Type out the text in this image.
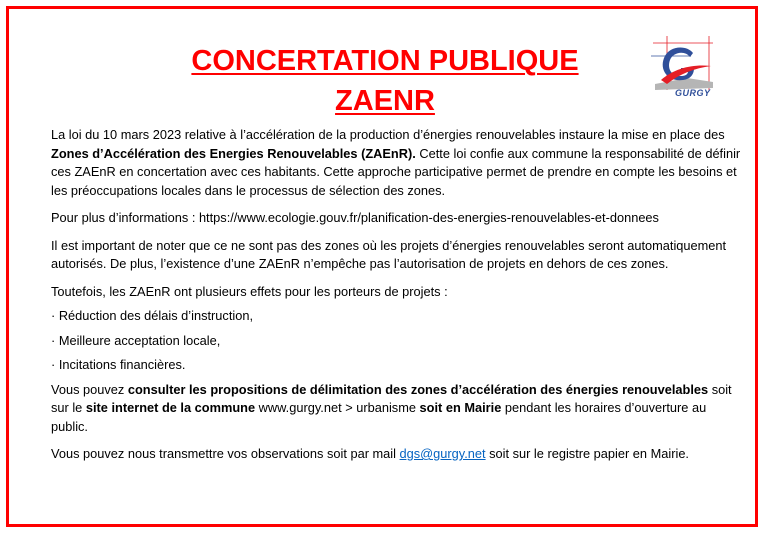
CONCERTATION PUBLIQUE
ZAENR	GURGY

La loi du 10 mars 2023 relative à l’accélération de la production d’énergies renouvelables instaure la mise en place des Zones d’Accélération des Energies Renouvelables (ZAEnR). Cette loi confie aux commune la responsabilité de définir ces ZAEnR en concertation avec ces habitants. Cette approche participative permet de prendre en compte les besoins et les préoccupations locales dans le processus de sélection des zones.

Pour plus d’informations : https://www.ecologie.gouv.fr/planification-des-energies-renouvelables-et-donnees

Il est important de noter que ce ne sont pas des zones où les projets d’énergies renouvelables seront automatiquement autorisés. De plus, l’existence d’une ZAEnR n’empêche pas l’autorisation de projets en dehors de ces zones.

Toutefois, les ZAEnR ont plusieurs effets pour les porteurs de projets :

· Réduction des délais d’instruction,

· Meilleure acceptation locale,

· Incitations financières.

Vous pouvez consulter les propositions de délimitation des zones d’accélération des énergies renouvelables soit sur le site internet de la commune www.gurgy.net > urbanisme soit en Mairie pendant les horaires d’ouverture au public.

Vous pouvez nous transmettre vos observations soit par mail dgs@gurgy.net soit sur le registre papier en Mairie.
